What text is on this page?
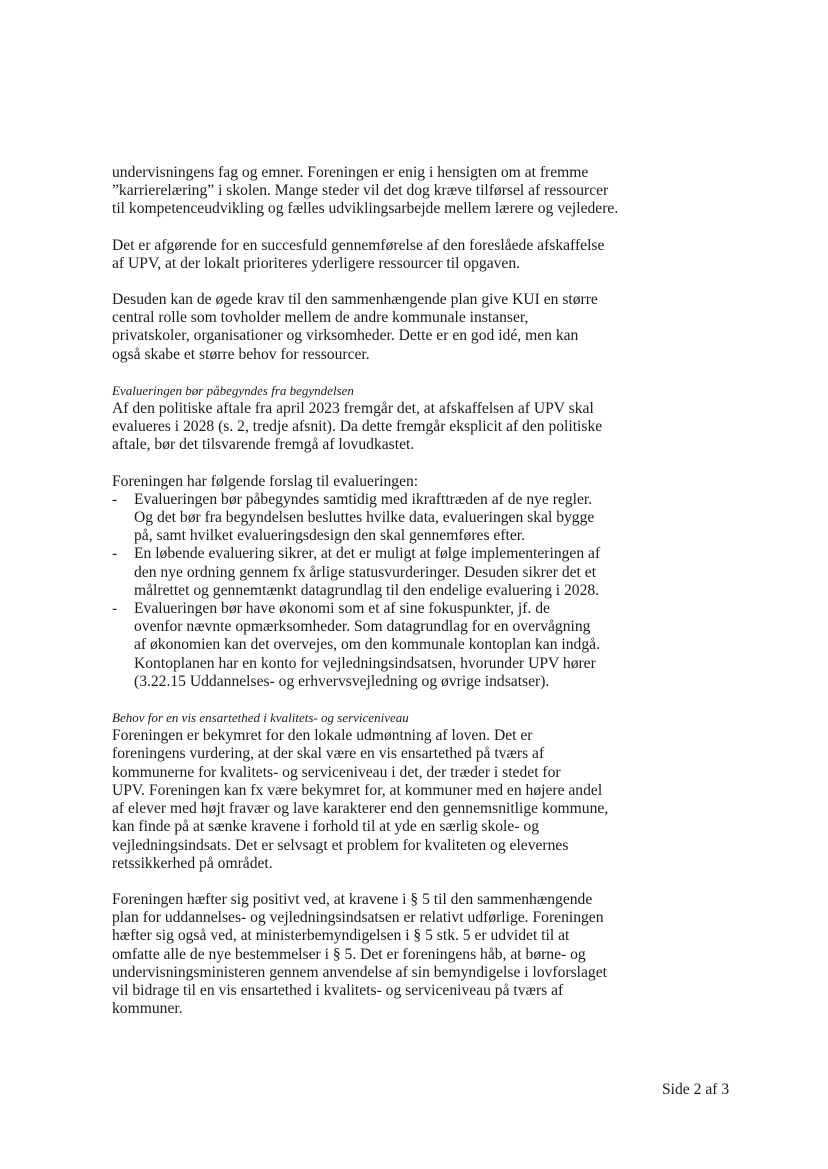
undervisningens fag og emner. Foreningen er enig i hensigten om at fremme
”karrierelæring” i skolen. Mange steder vil det dog kræve tilførsel af ressourcer
til kompetenceudvikling og fælles udviklingsarbejde mellem lærere og vejledere.
Det er afgørende for en succesfuld gennemførelse af den foreslåede afskaffelse
af UPV, at der lokalt prioriteres yderligere ressourcer til opgaven.
Desuden kan de øgede krav til den sammenhængende plan give KUI en større
central rolle som tovholder mellem de andre kommunale instanser,
privatskoler, organisationer og virksomheder. Dette er en god idé, men kan
også skabe et større behov for ressourcer.
Evalueringen bør påbegyndes fra begyndelsen
Af den politiske aftale fra april 2023 fremgår det, at afskaffelsen af UPV skal
evalueres i 2028 (s. 2, tredje afsnit). Da dette fremgår eksplicit af den politiske
aftale, bør det tilsvarende fremgå af lovudkastet.
Foreningen har følgende forslag til evalueringen:
- Evalueringen bør påbegyndes samtidig med ikrafttræden af de nye regler.
Og det bør fra begyndelsen besluttes hvilke data, evalueringen skal bygge
på, samt hvilket evalueringsdesign den skal gennemføres efter.
- En løbende evaluering sikrer, at det er muligt at følge implementeringen af
den nye ordning gennem fx årlige statusvurderinger. Desuden sikrer det et
målrettet og gennemtænkt datagrundlag til den endelige evaluering i 2028.
- Evalueringen bør have økonomi som et af sine fokuspunkter, jf. de
ovenfor nævnte opmærksomheder. Som datagrundlag for en overvågning
af økonomien kan det overvejes, om den kommunale kontoplan kan indgå.
Kontoplanen har en konto for vejledningsindsatsen, hvorunder UPV hører
(3.22.15 Uddannelses- og erhvervsvejledning og øvrige indsatser).
Behov for en vis ensartethed i kvalitets- og serviceniveau
Foreningen er bekymret for den lokale udmøntning af loven. Det er
foreningens vurdering, at der skal være en vis ensartethed på tværs af
kommunerne for kvalitets- og serviceniveau i det, der træder i stedet for
UPV. Foreningen kan fx være bekymret for, at kommuner med en højere andel
af elever med højt fravær og lave karakterer end den gennemsnitlige kommune,
kan finde på at sænke kravene i forhold til at yde en særlig skole- og
vejledningsindsats. Det er selvsagt et problem for kvaliteten og elevernes
retssikkerhed på området.
Foreningen hæfter sig positivt ved, at kravene i § 5 til den sammenhængende
plan for uddannelses- og vejledningsindsatsen er relativt udførlige. Foreningen
hæfter sig også ved, at ministerbemyndigelsen i § 5 stk. 5 er udvidet til at
omfatte alle de nye bestemmelser i § 5. Det er foreningens håb, at børne- og
undervisningsministeren gennem anvendelse af sin bemyndigelse i lovforslaget
vil bidrage til en vis ensartethed i kvalitets- og serviceniveau på tværs af
kommuner.
Side 2 af 3
